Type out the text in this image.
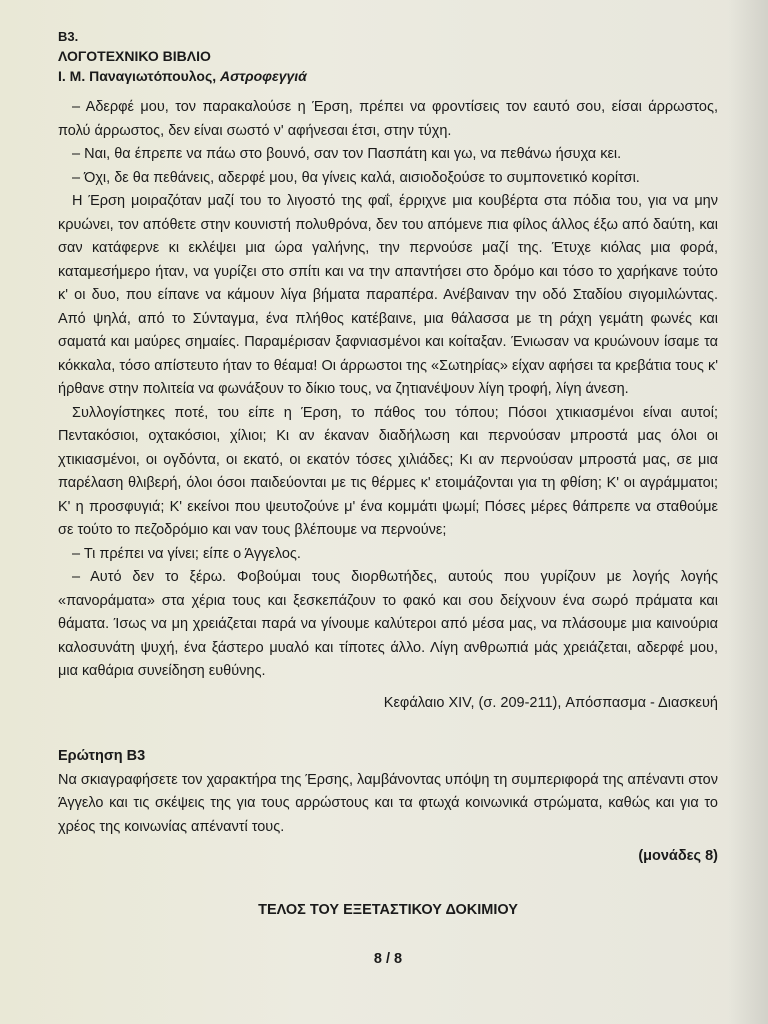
B3.

ΛΟΓΟΤΕΧΝΙΚΟ ΒΙΒΛΙΟ

Ι. Μ. Παναγιωτόπουλος, Αστροφεγγιά

– Αδερφέ μου, τον παρακαλούσε η Έρση, πρέπει να φροντίσεις τον εαυτό σου, είσαι άρρωστος, πολύ άρρωστος, δεν είναι σωστό ν' αφήνεσαι έτσι, στην τύχη.

– Ναι, θα έπρεπε να πάω στο βουνό, σαν τον Πασπάτη και γω, να πεθάνω ήσυχα κει.

– Όχι, δε θα πεθάνεις, αδερφέ μου, θα γίνεις καλά, αισιοδοξούσε το συμπονετικό κορίτσι.

Η Έρση μοιραζόταν μαζί του το λιγοστό της φαΐ, έρριχνε μια κουβέρτα στα πόδια του, για να μην κρυώνει, τον απόθετε στην κουνιστή πολυθρόνα, δεν του απόμενε πια φίλος άλλος έξω από δαύτη, και σαν κατάφερνε κι εκλέψει μια ώρα γαλήνης, την περνούσε μαζί της. Έτυχε κιόλας μια φορά, καταμεσήμερο ήταν, να γυρίζει στο σπίτι και να την απαντήσει στο δρόμο και τόσο το χαρήκανε τούτο κ' οι δυο, που είπανε να κάμουν λίγα βήματα παραπέρα. Ανέβαιναν την οδό Σταδίου σιγομιλώντας. Από ψηλά, από το Σύνταγμα, ένα πλήθος κατέβαινε, μια θάλασσα με τη ράχη γεμάτη φωνές και σαματά και μαύρες σημαίες. Παραμέρισαν ξαφνιασμένοι και κοίταξαν. Ένιωσαν να κρυώνουν ίσαμε τα κόκκαλα, τόσο απίστευτο ήταν το θέαμα! Οι άρρωστοι της «Σωτηρίας» είχαν αφήσει τα κρεβάτια τους κ' ήρθανε στην πολιτεία να φωνάξουν το δίκιο τους, να ζητιανέψουν λίγη τροφή, λίγη άνεση.

Συλλογίστηκες ποτέ, του είπε η Έρση, το πάθος του τόπου; Πόσοι χτικιασμένοι είναι αυτοί; Πεντακόσιοι, οχτακόσιοι, χίλιοι; Κι αν έκαναν διαδήλωση και περνούσαν μπροστά μας όλοι οι χτικιασμένοι, οι ογδόντα, οι εκατό, οι εκατόν τόσες χιλιάδες; Κι αν περνούσαν μπροστά μας, σε μια παρέλαση θλιβερή, όλοι όσοι παιδεύονται με τις θέρμες κ' ετοιμάζονται για τη φθίση; Κ' οι αγράμματοι; Κ' η προσφυγιά; Κ' εκείνοι που ψευτοζούνε μ' ένα κομμάτι ψωμί; Πόσες μέρες θάπρεπε να σταθούμε σε τούτο το πεζοδρόμιο και ναν τους βλέπουμε να περνούνε;

– Τι πρέπει να γίνει; είπε ο Άγγελος.

– Αυτό δεν το ξέρω. Φοβούμαι τους διορθωτήδες, αυτούς που γυρίζουν με λογής λογής «πανοράματα» στα χέρια τους και ξεσκεπάζουν το φακό και σου δείχνουν ένα σωρό πράματα και θάματα. Ίσως να μη χρειάζεται παρά να γίνουμε καλύτεροι από μέσα μας, να πλάσουμε μια καινούρια καλοσυνάτη ψυχή, ένα ξάστερο μυαλό και τίποτες άλλο. Λίγη ανθρωπιά μάς χρειάζεται, αδερφέ μου, μια καθάρια συνείδηση ευθύνης.

Κεφάλαιο XIV, (σ. 209-211), Απόσπασμα - Διασκευή

Ερώτηση Β3

Να σκιαγραφήσετε τον χαρακτήρα της Έρσης, λαμβάνοντας υπόψη τη συμπεριφορά της απέναντι στον Άγγελο και τις σκέψεις της για τους αρρώστους και τα φτωχά κοινωνικά στρώματα, καθώς και για το χρέος της κοινωνίας απέναντί τους.

(μονάδες 8)

ΤΕΛΟΣ ΤΟΥ ΕΞΕΤΑΣΤΙΚΟΥ ΔΟΚΙΜΙΟΥ

8 / 8
